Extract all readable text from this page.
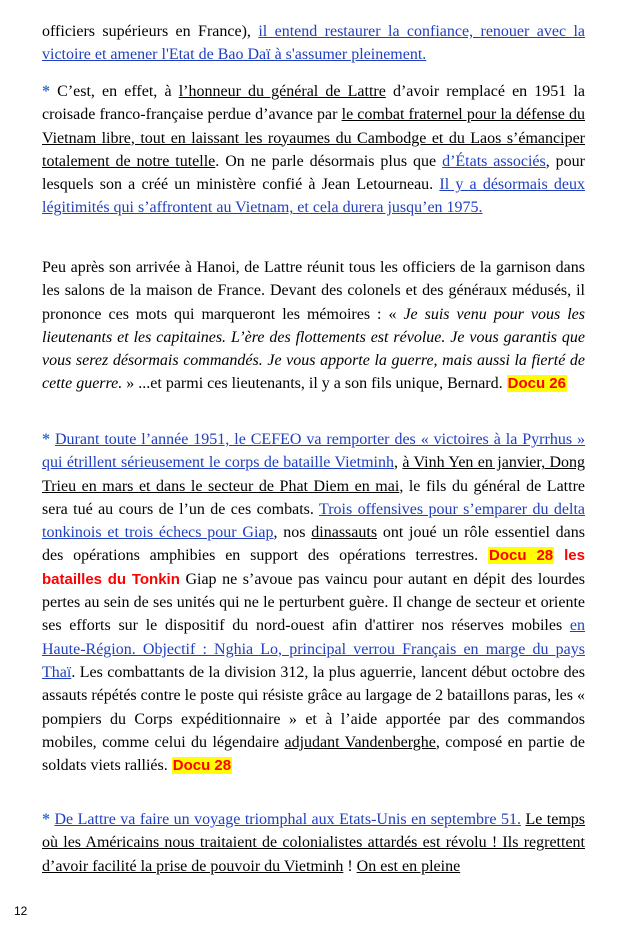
officiers supérieurs en France), il entend restaurer la confiance, renouer avec la victoire et amener l'Etat de Bao Daï à s'assumer pleinement.

* C’est, en effet, à l’honneur du général de Lattre d’avoir remplacé en 1951 la croisade franco-française perdue d’avance par le combat fraternel pour la défense du Vietnam libre, tout en laissant les royaumes du Cambodge et du Laos s’émanciper totalement de notre tutelle. On ne parle désormais plus que d’États associés, pour lesquels son a créé un ministère confié à Jean Letourneau. Il y a désormais deux légitimités qui s’affrontent au Vietnam, et cela durera jusqu’en 1975.

Peu après son arrivée à Hanoi, de Lattre réunit tous les officiers de la garnison dans les salons de la maison de France. Devant des colonels et des généraux médusés, il prononce ces mots qui marqueront les mémoires : « Je suis venu pour vous les lieutenants et les capitaines. L’ère des flottements est révolue. Je vous garantis que vous serez désormais commandés. Je vous apporte la guerre, mais aussi la fierté de cette guerre. » ...et parmi ces lieutenants, il y a son fils unique, Bernard. Docu 26

* Durant toute l’année 1951, le CEFEO va remporter des « victoires à la Pyrrhus » qui étrillent sérieusement le corps de bataille Vietminh, à Vinh Yen en janvier, Dong Trieu en mars et dans le secteur de Phat Diem en mai, le fils du général de Lattre sera tué au cours de l’un de ces combats. Trois offensives pour s’emparer du delta tonkinois et trois échecs pour Giap, nos dinassauts ont joué un rôle essentiel dans des opérations amphibies en support des opérations terrestres. Docu 28 les batailles du Tonkin Giap ne s’avoue pas vaincu pour autant en dépit des lourdes pertes au sein de ses unités qui ne le perturbent guère. Il change de secteur et oriente ses efforts sur le dispositif du nord-ouest afin d'attirer nos réserves mobiles en Haute-Région. Objectif : Nghia Lo, principal verrou Français en marge du pays Thaï. Les combattants de la division 312, la plus aguerrie, lancent début octobre des assauts répétés contre le poste qui résiste grâce au largage de 2 bataillons paras, les « pompiers du Corps expéditionnaire » et à l’aide apportée par des commandos mobiles, comme celui du légendaire adjudant Vandenberghe, composé en partie de soldats viets ralliés. Docu 28

* De Lattre va faire un voyage triomphal aux Etats-Unis en septembre 51. Le temps où les Américains nous traitaient de colonialistes attardés est révolu ! Ils regrettent d’avoir facilité la prise de pouvoir du Vietminh ! On est en pleine

12
